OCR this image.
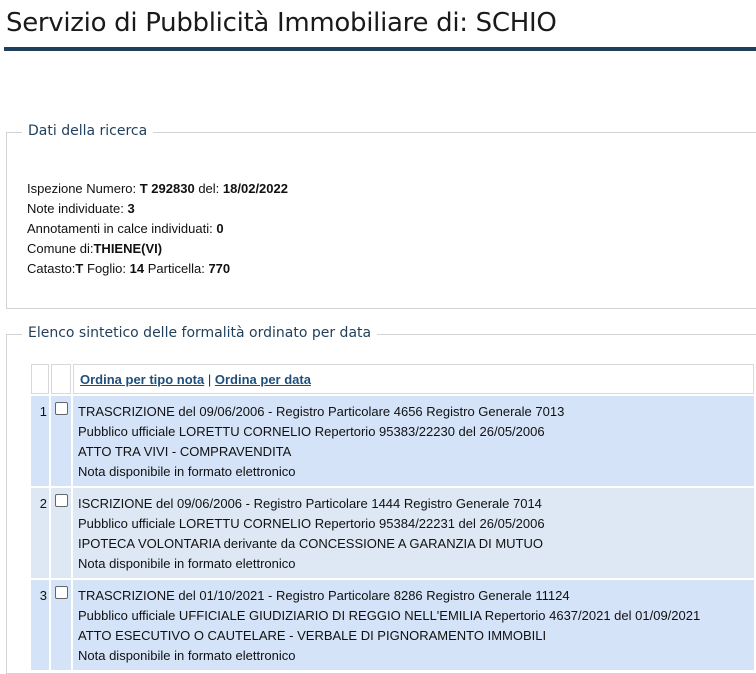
Servizio di Pubblicità Immobiliare di: SCHIO
Dati della ricerca
Ispezione Numero: T 292830 del: 18/02/2022
Note individuate: 3
Annotamenti in calce individuati: 0
Comune di:THIENE(VI)
Catasto:T Foglio: 14 Particella: 770
Elenco sintetico delle formalità ordinato per data
		Ordina per tipo nota | Ordina per data
1		TRASCRIZIONE del 09/06/2006 - Registro Particolare 4656 Registro Generale 7013
Pubblico ufficiale LORETTU CORNELIO Repertorio 95383/22230 del 26/05/2006
ATTO TRA VIVI - COMPRAVENDITA
Nota disponibile in formato elettronico

2		ISCRIZIONE del 09/06/2006 - Registro Particolare 1444 Registro Generale 7014
Pubblico ufficiale LORETTU CORNELIO Repertorio 95384/22231 del 26/05/2006
IPOTECA VOLONTARIA derivante da CONCESSIONE A GARANZIA DI MUTUO
Nota disponibile in formato elettronico

3		TRASCRIZIONE del 01/10/2021 - Registro Particolare 8286 Registro Generale 11124
Pubblico ufficiale UFFICIALE GIUDIZIARIO DI REGGIO NELL'EMILIA Repertorio 4637/2021 del 01/09/2021
ATTO ESECUTIVO O CAUTELARE - VERBALE DI PIGNORAMENTO IMMOBILI
Nota disponibile in formato elettronico
